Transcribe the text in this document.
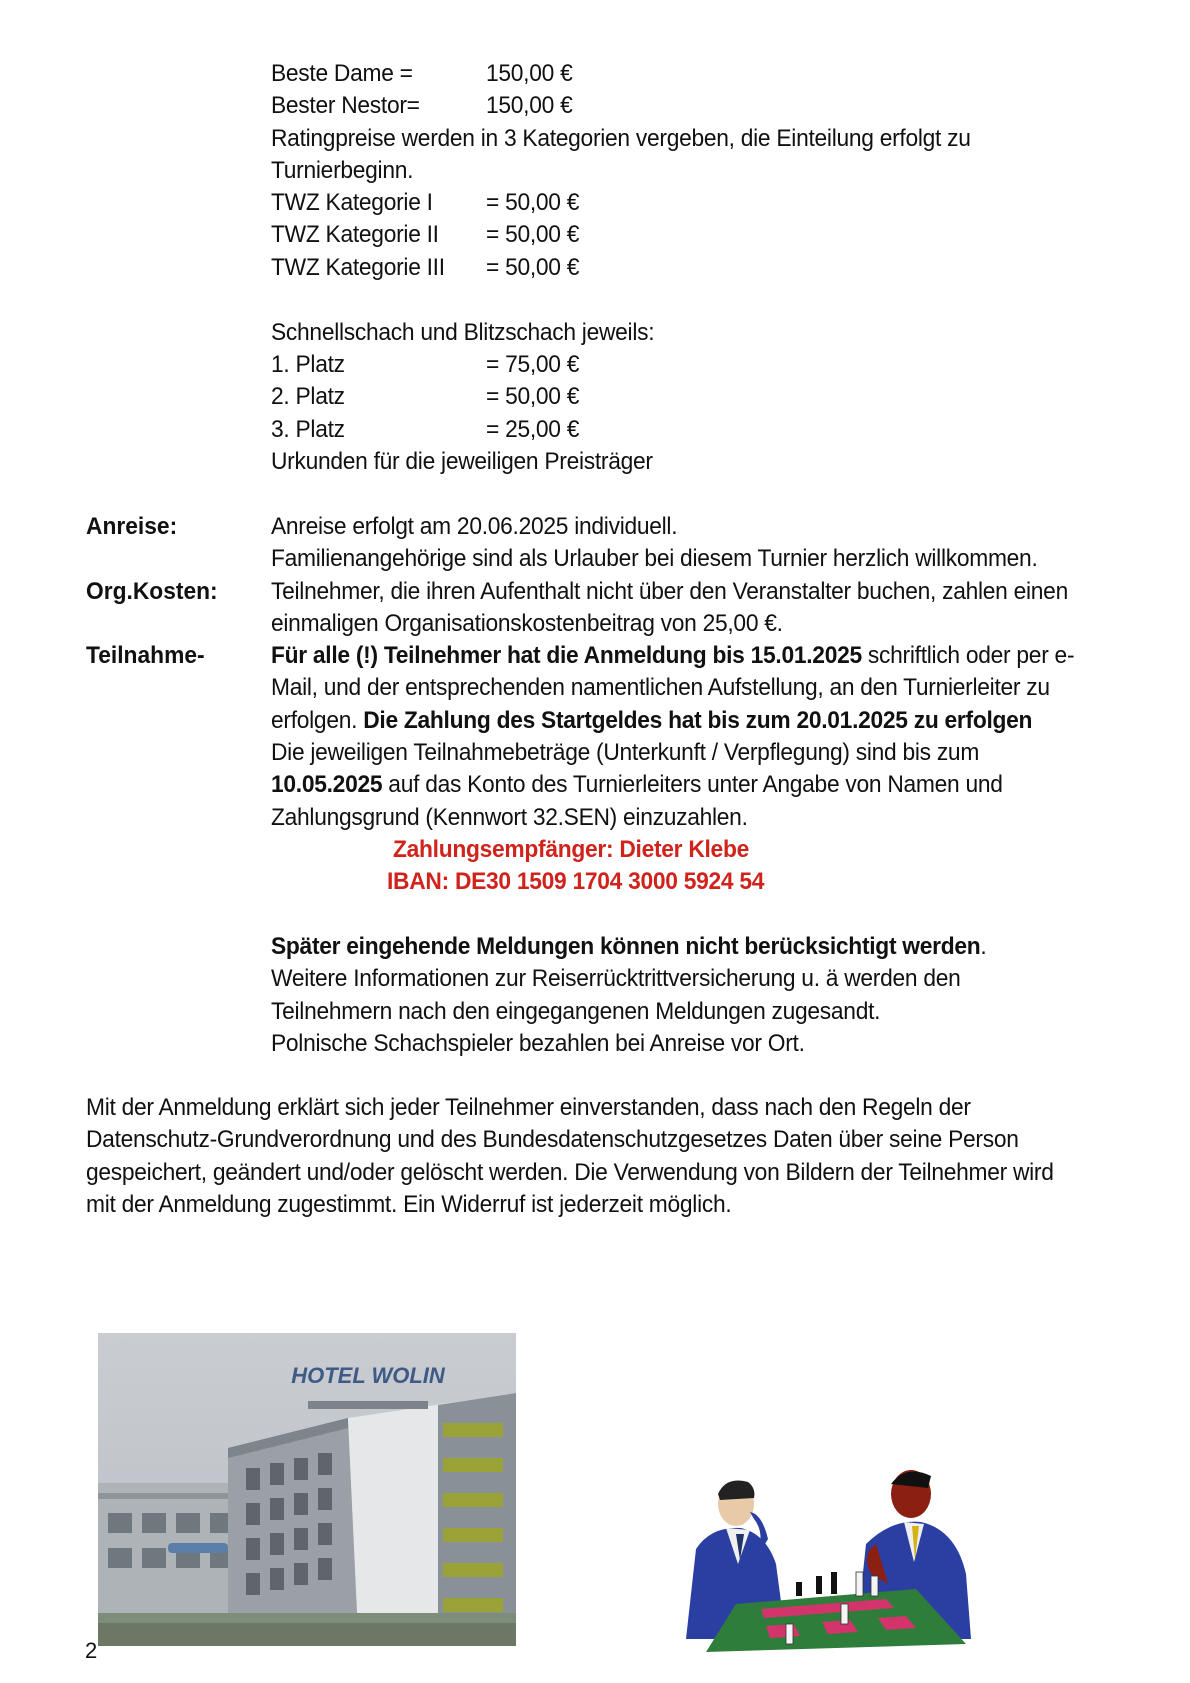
Beste Dame =	150,00 €
Bester Nestor=	150,00 €
Ratingpreise werden in 3 Kategorien vergeben, die Einteilung erfolgt zu
Turnierbeginn.
TWZ Kategorie I = 50,00 €
TWZ Kategorie II = 50,00 €
TWZ Kategorie III = 50,00 €
Schnellschach und Blitzschach jeweils:
1. Platz	= 75,00 €
2. Platz	= 50,00 €
3. Platz	= 25,00 €
Urkunden für die jeweiligen Preisträger
Anreise:	Anreise erfolgt am 20.06.2025 individuell.
Familienangehörige sind als Urlauber bei diesem Turnier herzlich willkommen.
Org.Kosten: Teilnehmer, die ihren Aufenthalt nicht über den Veranstalter buchen, zahlen einen
einmaligen Organisationskostenbeitrag von 25,00 €.
Teilnahme-	Für alle (!) Teilnehmer hat die Anmeldung bis 15.01.2025 schriftlich oder per e-
Mail, und der entsprechenden namentlichen Aufstellung, an den Turnierleiter zu
erfolgen. Die Zahlung des Startgeldes hat bis zum 20.01.2025 zu erfolgen
Die jeweiligen Teilnahmebeträge (Unterkunft / Verpflegung) sind bis zum
10.05.2025 auf das Konto des Turnierleiters unter Angabe von Namen und
Zahlungsgrund (Kennwort 32.SEN) einzuzahlen.
Zahlungsempfänger: Dieter Klebe
IBAN: DE30 1509 1704 3000 5924 54
Später eingehende Meldungen können nicht berücksichtigt werden.
Weitere Informationen zur Reiserrücktrittversicherung u. ä werden den
Teilnehmern nach den eingegangenen Meldungen zugesandt.
Polnische Schachspieler bezahlen bei Anreise vor Ort.
Mit der Anmeldung erklärt sich jeder Teilnehmer einverstanden, dass nach den Regeln der
Datenschutz-Grundverordnung und des Bundesdatenschutzgesetzes Daten über seine Person
gespeichert, geändert und/oder gelöscht werden. Die Verwendung von Bildern der Teilnehmer wird
mit der Anmeldung zugestimmt. Ein Widerruf ist jederzeit möglich.
HOTEL WOLIN
2
